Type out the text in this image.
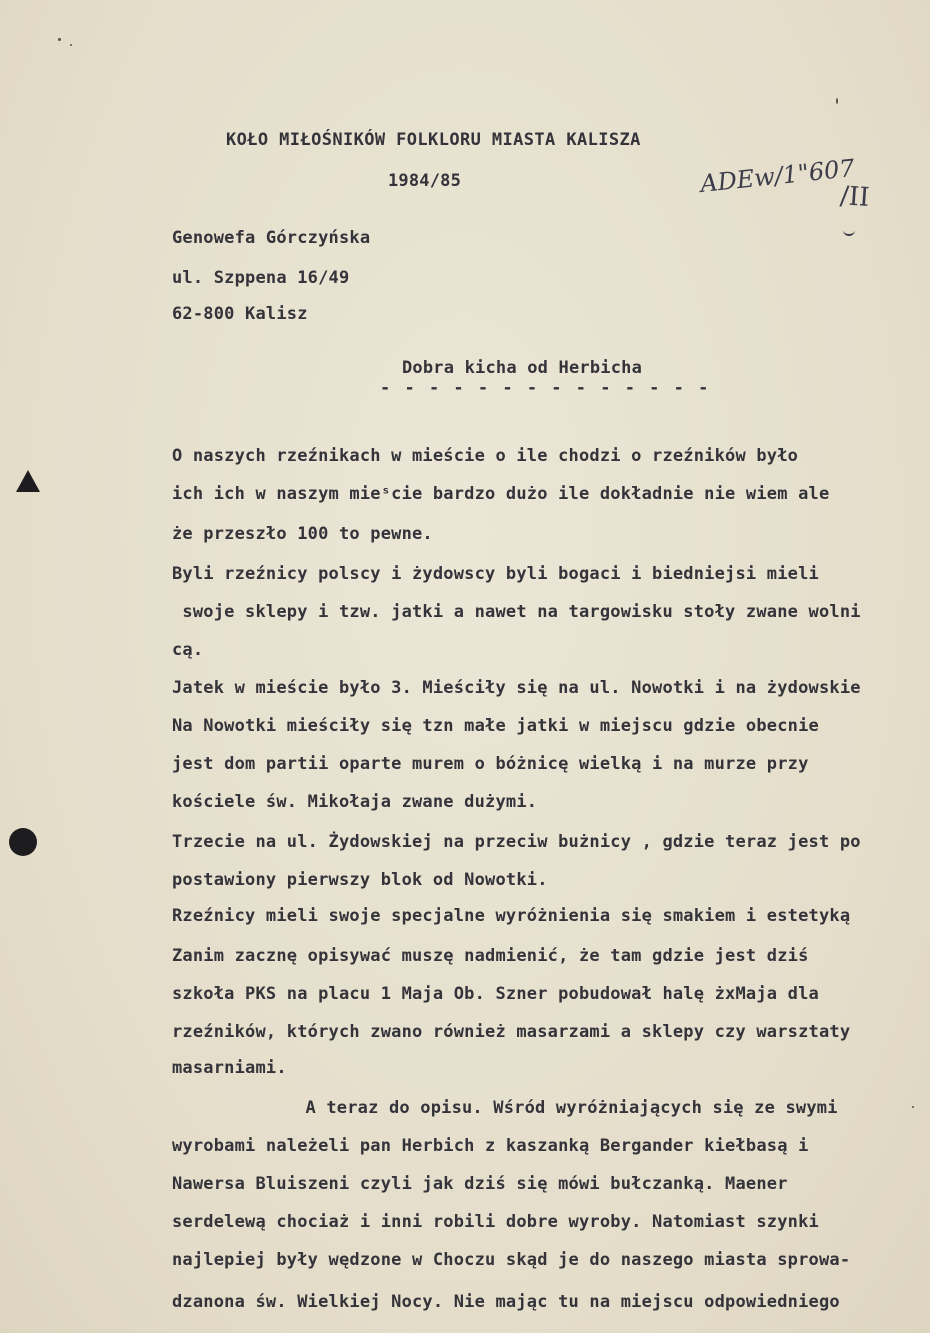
KOŁO MIŁOŚNIKÓW FOLKLORU MIASTA KALISZA
1984/85	ADEw/1"607
/II
Genowefa Górczyńska
ul. Szppena 16/49
62-800 Kalisz
Dobra kicha od Herbicha
- - - - - - - - - - - - - -
O naszych rzeźnikach w mieście o ile chodzi o rzeźników było
ich ich w naszym mieˢcie bardzo dużo ile dokładnie nie wiem ale
że przeszło 100 to pewne.
Byli rzeźnicy polscy i żydowscy byli bogaci i biedniejsi mieli
swoje sklepy i tzw. jatki a nawet na targowisku stoły zwane wolni
cą.
Jatek w mieście było 3. Mieściły się na ul. Nowotki i na żydowskie
Na Nowotki mieściły się tzn małe jatki w miejscu gdzie obecnie
jest dom partii oparte murem o bóżnicę wielką i na murze przy
kościele św. Mikołaja zwane dużymi.
Trzecie na ul. Żydowskiej na przeciw bużnicy , gdzie teraz jest po
postawiony pierwszy blok od Nowotki.
Rzeźnicy mieli swoje specjalne wyróżnienia się smakiem i estetyką
Zanim zacznę opisywać muszę nadmienić, że tam gdzie jest dziś
szkoła PKS na placu 1 Maja Ob. Szner pobudował halę żxMaja dla
rzeźników, których zwano również masarzami a sklepy czy warsztaty
masarniami.
A teraz do opisu. Wśród wyróżniających się ze swymi
wyrobami należeli pan Herbich z kaszanką Bergander kiełbasą i
Nawersa Bluiszeni czyli jak dziś się mówi bułczanką. Maener
serdelewą chociaż i inni robili dobre wyroby. Natomiast szynki
najlepiej były wędzone w Choczu skąd je do naszego miasta sprowa-
dzanona św. Wielkiej Nocy. Nie mając tu na miejscu odpowiedniego
